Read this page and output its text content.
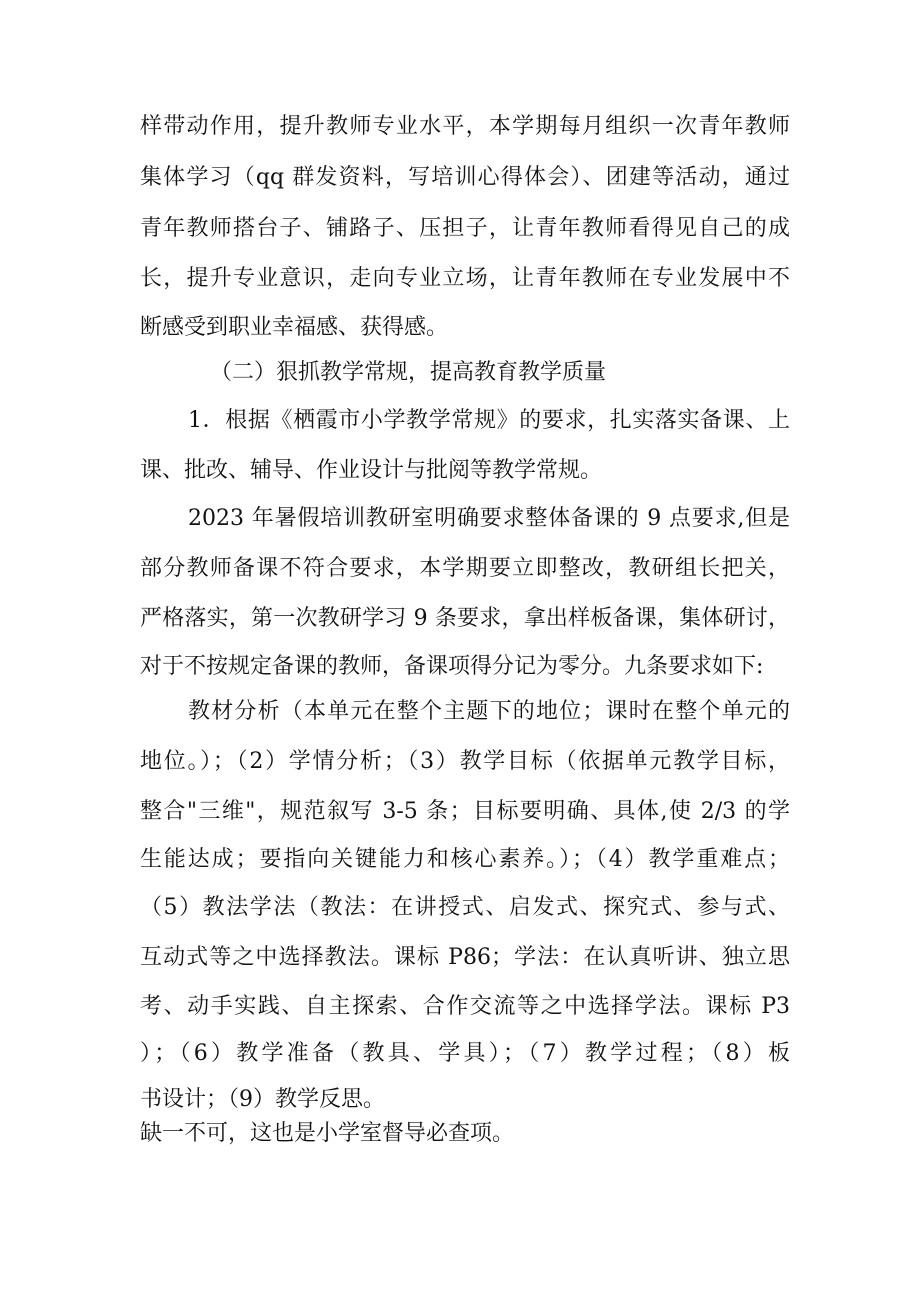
样带动作用，提升教师专业水平，本学期每月组织一次青年教师
集体学习（qq 群发资料，写培训心得体会）、团建等活动，通过
青年教师搭台子、铺路子、压担子，让青年教师看得见自己的成
长，提升专业意识，走向专业立场，让青年教师在专业发展中不
断感受到职业幸福感、获得感。
（二）狠抓教学常规，提高教育教学质量
1．根据《栖霞市小学教学常规》的要求，扎实落实备课、上
课、批改、辅导、作业设计与批阅等教学常规。
2023 年暑假培训教研室明确要求整体备课的 9 点要求,但是
部分教师备课不符合要求，本学期要立即整改，教研组长把关，
严格落实，第一次教研学习 9 条要求，拿出样板备课，集体研讨，
对于不按规定备课的教师，备课项得分记为零分。九条要求如下:
教材分析（本单元在整个主题下的地位；课时在整个单元的
地位。）；（2）学情分析；（3）教学目标（依据单元教学目标，
整合"三维"，规范叙写 3-5 条；目标要明确、具体,使 2/3 的学
生能达成；要指向关键能力和核心素养。）；（4）教学重难点；
（5）教法学法（教法：在讲授式、启发式、探究式、参与式、
互动式等之中选择教法。课标 P86；学法：在认真听讲、独立思
考、动手实践、自主探索、合作交流等之中选择学法。课标 P3
）；（6）教学准备（教具、学具）；（7）教学过程；（8）板
书设计；（9）教学反思。
缺一不可，这也是小学室督导必查项。
